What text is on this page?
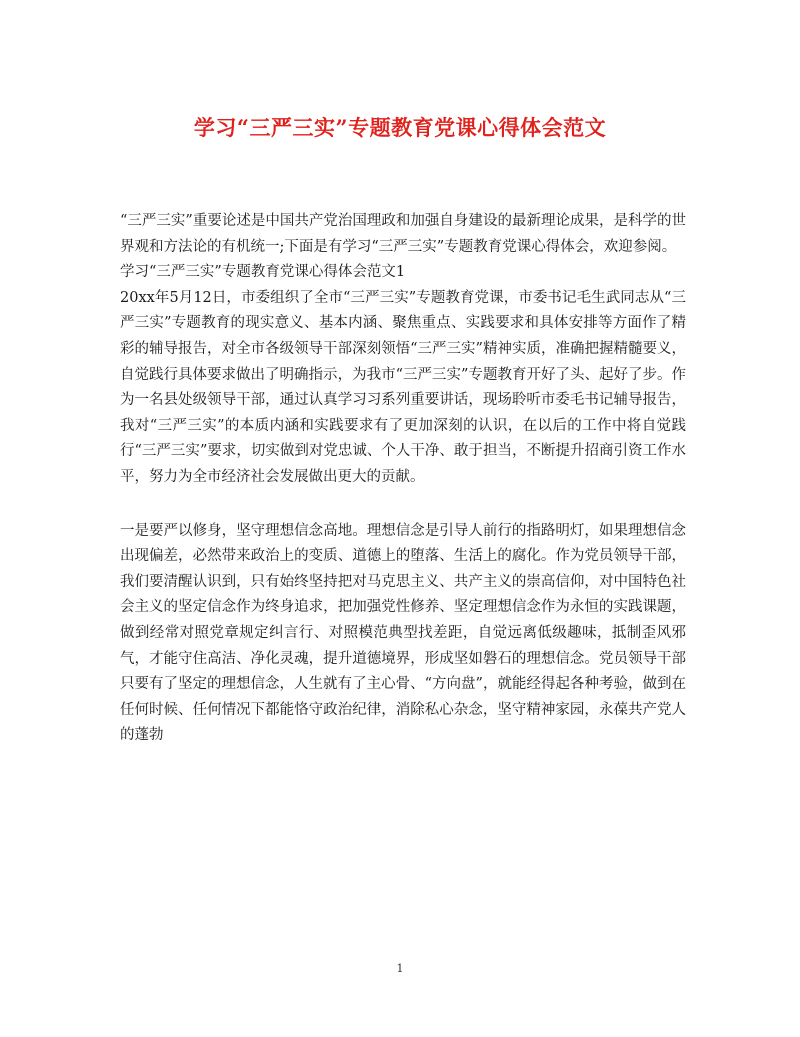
学习“三严三实”专题教育党课心得体会范文

“三严三实”重要论述是中国共产党治国理政和加强自身建设的最新理论成果，是科学的世界观和方法论的有机统一;下面是有学习“三严三实”专题教育党课心得体会，欢迎参阅。

学习“三严三实”专题教育党课心得体会范文1

20xx年5月12日，市委组织了全市“三严三实”专题教育党课，市委书记毛生武同志从“三严三实”专题教育的现实意义、基本内涵、聚焦重点、实践要求和具体安排等方面作了精彩的辅导报告，对全市各级领导干部深刻领悟“三严三实”精神实质，准确把握精髓要义，自觉践行具体要求做出了明确指示，为我市“三严三实”专题教育开好了头、起好了步。作为一名县处级领导干部，通过认真学习习系列重要讲话，现场聆听市委毛书记辅导报告，我对“三严三实”的本质内涵和实践要求有了更加深刻的认识，在以后的工作中将自觉践行“三严三实”要求，切实做到对党忠诚、个人干净、敢于担当，不断提升招商引资工作水平，努力为全市经济社会发展做出更大的贡献。

一是要严以修身，坚守理想信念高地。理想信念是引导人前行的指路明灯，如果理想信念出现偏差，必然带来政治上的变质、道德上的堕落、生活上的腐化。作为党员领导干部，我们要清醒认识到，只有始终坚持把对马克思主义、共产主义的崇高信仰，对中国特色社会主义的坚定信念作为终身追求，把加强党性修养、坚定理想信念作为永恒的实践课题，做到经常对照党章规定纠言行、对照模范典型找差距，自觉远离低级趣味，抵制歪风邪气，才能守住高洁、净化灵魂，提升道德境界，形成坚如磐石的理想信念。党员领导干部只要有了坚定的理想信念，人生就有了主心骨、“方向盘”，就能经得起各种考验，做到在任何时候、任何情况下都能恪守政治纪律，消除私心杂念，坚守精神家园，永葆共产党人的蓬勃

1
